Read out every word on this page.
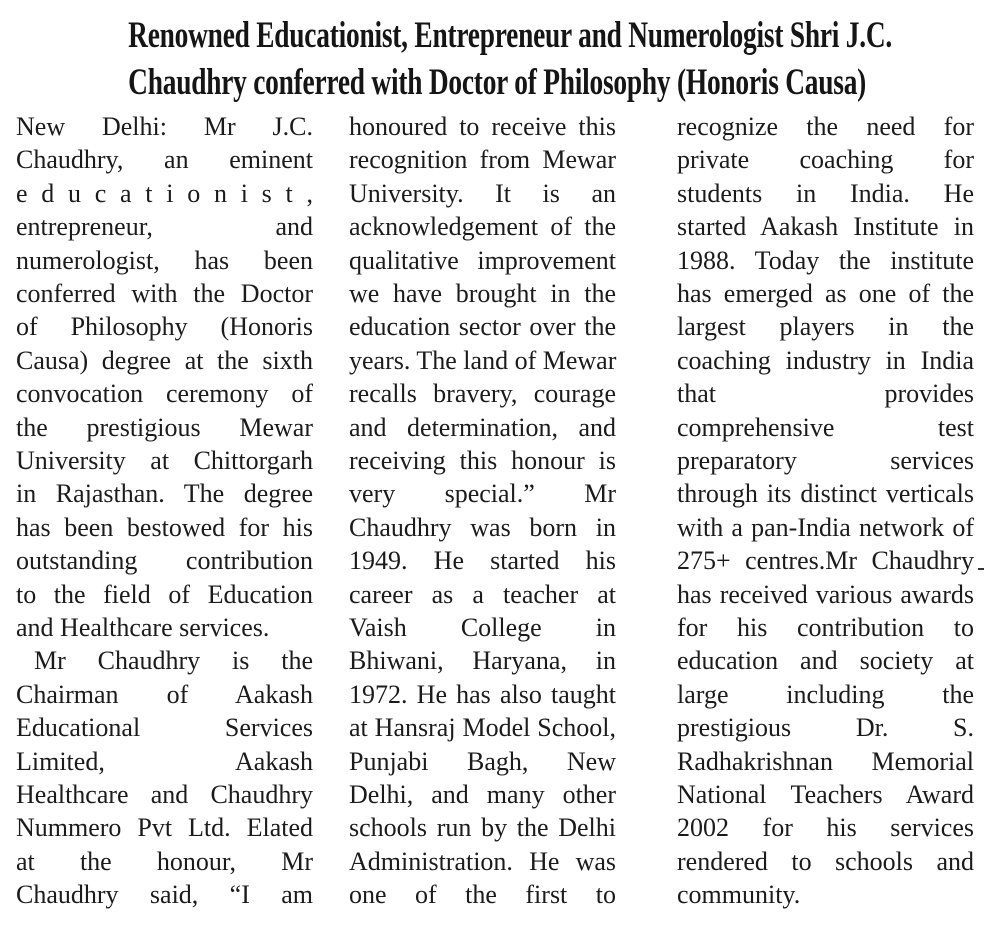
Renowned Educationist, Entrepreneur and Numerologist Shri J.C.
Chaudhry conferred with Doctor of Philosophy (Honoris Causa)
New Delhi: Mr J.C.
Chaudhry, an eminent
e d u c a t i o n i s t ,
entrepreneur, and
numerologist, has been
conferred with the Doctor
of Philosophy (Honoris
Causa) degree at the sixth
convocation ceremony of
the prestigious Mewar
University at Chittorgarh
in Rajasthan. The degree
has been bestowed for his
outstanding contribution
to the field of Education
and Healthcare services.
Mr Chaudhry is the
Chairman of Aakash
Educational Services
Limited, Aakash
Healthcare and Chaudhry
Nummero Pvt Ltd. Elated
at the honour, Mr
Chaudhry said, “I am
honoured to receive this
recognition from Mewar
University. It is an
acknowledgement of the
qualitative improvement
we have brought in the
education sector over the
years. The land of Mewar
recalls bravery, courage
and determination, and
receiving this honour is
very special.” Mr
Chaudhry was born in
1949. He started his
career as a teacher at
Vaish College in
Bhiwani, Haryana, in
1972. He has also taught
at Hansraj Model School,
Punjabi Bagh, New
Delhi, and many other
schools run by the Delhi
Administration. He was
one of the first to
recognize the need for
private coaching for
students in India. He
started Aakash Institute in
1988. Today the institute
has emerged as one of the
largest players in the
coaching industry in India
that provides
comprehensive test
preparatory services
through its distinct verticals
with a pan-India network of
275+ centres.Mr Chaudhry
has received various awards
for his contribution to
education and society at
large including the
prestigious Dr. S.
Radhakrishnan Memorial
National Teachers Award
2002 for his services
rendered to schools and
community.
